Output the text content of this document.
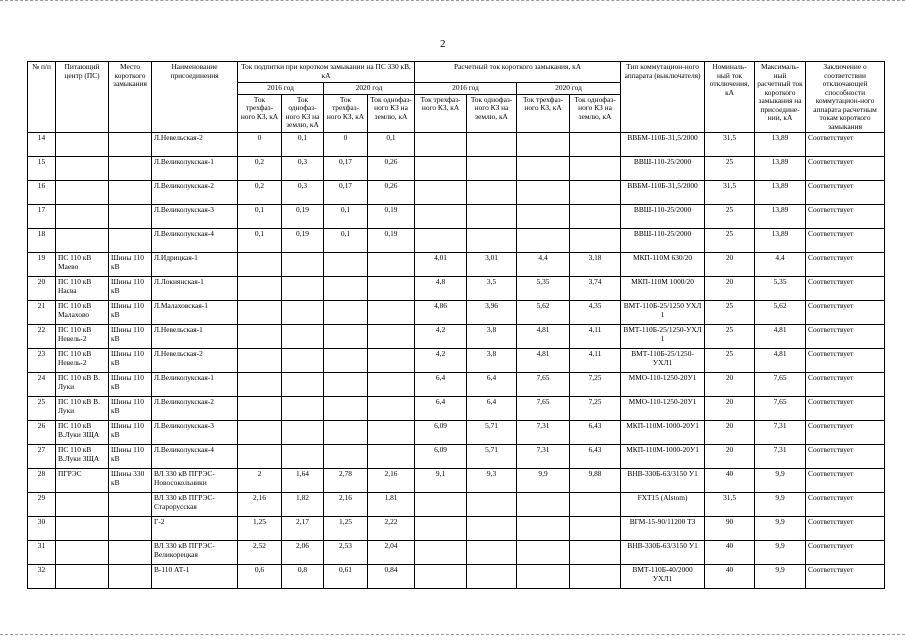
2
№ п/п	Питающий центр (ПС)	Место короткого замыкания	Наименование присоединения	Ток подпитки при коротком замыкании на ПС 330 кВ, кА				Расчетный ток короткого замыкания, кА				Тип коммутацион-ного аппарата (выключателя)	Номиналь-ный ток отключения, кА	Максималь-ный расчетный ток короткого замыкания на присоедине-нии, кА	Заключение о соответствии отключающей способности коммутацион-ного аппарата расчетным токам короткого замыкания
				2016 год		2020 год		2016 год		2020 год					
				Ток трехфаз-ного КЗ, кА	Ток однофаз-ного КЗ на землю, кА	Ток трехфаз-ного КЗ, кА	Ток однофаз-ного КЗ на землю, кА	Ток трехфаз-ного КЗ, кА	Ток однофаз-ного КЗ на землю, кА	Ток трехфаз-ного КЗ, кА	Ток однофаз-ного КЗ на землю, кА				
14			Л.Невельская-2	0	0,1	0	0,1					ВВБМ-110Б-31,5/2000	31,5	13,89	Соответствует
15			Л.Великолукская-1	0,2	0,3	0,17	0,26					ВВШ-110-25/2000	25	13,89	Соответствует
16			Л.Великолукская-2	0,2	0,3	0,17	0,26					ВВБМ-110Б-31,5/2000	31,5	13,89	Соответствует
17			Л.Великолукская-3	0,1	0,19	0,1	0,19					ВВШ-110-25/2000	25	13,89	Соответствует
18			Л.Великолукская-4	0,1	0,19	0,1	0,19					ВВШ-110-25/2000	25	13,89	Соответствует
19	ПС 110 кВ Маево	Шины 110 кВ	Л.Идрицкая-1					4,01	3,01	4,4	3,18	МКП-110М 630/20	20	4,4	Соответствует
20	ПС 110 кВ Насва	Шины 110 кВ	Л.Локнянская-1					4,8	3,5	5,35	3,74	МКП-110М 1000/20	20	5,35	Соответствует
21	ПС 110 кВ Малахово	Шины 110 кВ	Л.Малаховская-1					4,86	3,96	5,62	4,35	ВМТ-110Б-25/1250 УХЛ 1	25	5,62	Соответствует
22	ПС 110 кВ Невель-2	Шины 110 кВ	Л.Невельская-1					4,2	3,8	4,81	4,11	ВМТ-110Б-25/1250-УХЛ 1	25	4,81	Соответствует
23	ПС 110 кВ Невель-2	Шины 110 кВ	Л.Невельская-2					4,2	3,8	4,81	4,11	ВМТ-110Б-25/1250-УХЛ1	25	4,81	Соответствует
24	ПС 110 кВ В. Луки	Шины 110 кВ	Л.Великолукская-1					6,4	6,4	7,65	7,25	ММО-110-1250-20У1	20	7,65	Соответствует
25	ПС 110 кВ В. Луки	Шины 110 кВ	Л.Великолукская-2					6,4	6,4	7,65	7,25	ММО-110-1250-20У1	20	7,65	Соответствует
26	ПС 110 кВ В.Луки ЗЩА	Шины 110 кВ	Л.Великолукская-3					6,09	5,71	7,31	6,43	МКП-110М-1000-20У1	20	7,31	Соответствует
27	ПС 110 кВ В.Луки ЗЩА	Шины 110 кВ	Л.Великолукская-4					6,09	5,71	7,31	6,43	МКП-110М-1000-20У1	20	7,31	Соответствует
28	ПГРЭС	Шины 330 кВ	ВЛ 330 кВ ПГРЭС-Новосокольники	2	1,64	2,78	2,16	9,1	9,3	9,9	9,88	ВНВ-330Б-63/3150 У1	40	9,9	Соответствует
29			ВЛ 330 кВ ПГРЭС-Старорусская	2,16	1,82	2,16	1,81					FXT15 (Alstom)	31,5	9,9	Соответствует
30			Г-2	1,25	2,17	1,25	2,22					ВГМ-15-90/11200 Т3	90	9,9	Соответствует
31			ВЛ 330 кВ ПГРЭС-Великорецкая	2,52	2,06	2,53	2,04					ВНВ-330Б-63/3150 У1	40	9,9	Соответствует
32			В-110 АТ-1	0,6	0,8	0,61	0,84					ВМТ-110Б-40/2000 УХЛ1	40	9,9	Соответствует
